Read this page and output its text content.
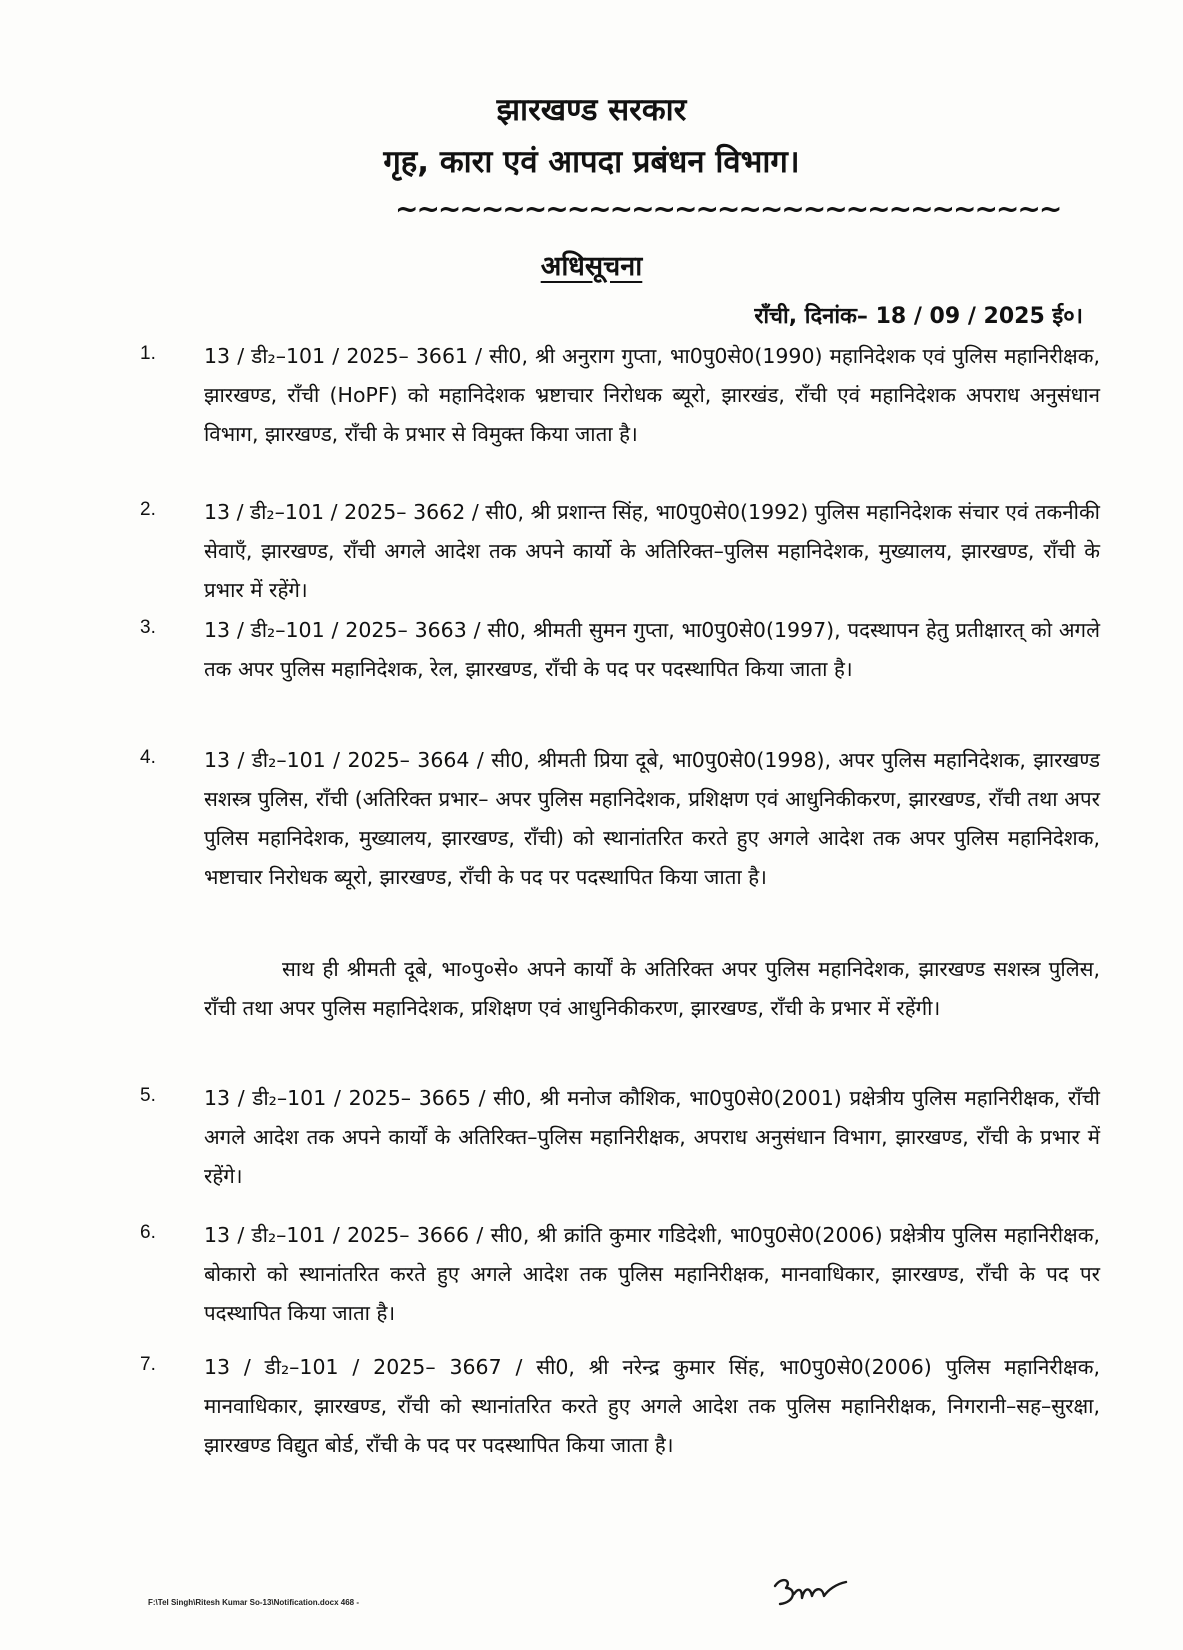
झारखण्ड सरकार
गृह, कारा एवं आपदा प्रबंधन विभाग।
~~~~~~~~~~~~~~~~~~~~~~~~~~~~~~~
अधिसूचना
राँची, दिनांक– 18 / 09 / 2025 ई०।
1. 13 / डी₂–101 / 2025– 3661 / सी0, श्री अनुराग गुप्ता, भा0पु0से0(1990) महानिदेशक एवं पुलिस महानिरीक्षक, झारखण्ड, राँची (HoPF) को महानिदेशक भ्रष्टाचार निरोधक ब्यूरो, झारखंड, राँची एवं महानिदेशक अपराध अनुसंधान विभाग, झारखण्ड, राँची के प्रभार से विमुक्त किया जाता है।
2. 13 / डी₂–101 / 2025– 3662 / सी0, श्री प्रशान्त सिंह, भा0पु0से0(1992) पुलिस महानिदेशक संचार एवं तकनीकी सेवाएँ, झारखण्ड, राँची अगले आदेश तक अपने कार्यो के अतिरिक्त–पुलिस महानिदेशक, मुख्यालय, झारखण्ड, राँची के प्रभार में रहेंगे।
3. 13 / डी₂–101 / 2025– 3663 / सी0, श्रीमती सुमन गुप्ता, भा0पु0से0(1997), पदस्थापन हेतु प्रतीक्षारत् को अगले तक अपर पुलिस महानिदेशक, रेल, झारखण्ड, राँची के पद पर पदस्थापित किया जाता है।
4. 13 / डी₂–101 / 2025– 3664 / सी0, श्रीमती प्रिया दूबे, भा0पु0से0(1998), अपर पुलिस महानिदेशक, झारखण्ड सशस्त्र पुलिस, राँची (अतिरिक्त प्रभार– अपर पुलिस महानिदेशक, प्रशिक्षण एवं आधुनिकीकरण, झारखण्ड, राँची तथा अपर पुलिस महानिदेशक, मुख्यालय, झारखण्ड, राँची) को स्थानांतरित करते हुए अगले आदेश तक अपर पुलिस महानिदेशक, भष्टाचार निरोधक ब्यूरो, झारखण्ड, राँची के पद पर पदस्थापित किया जाता है।
साथ ही श्रीमती दूबे, भा०पु०से० अपने कार्यों के अतिरिक्त अपर पुलिस महानिदेशक, झारखण्ड सशस्त्र पुलिस, राँची तथा अपर पुलिस महानिदेशक, प्रशिक्षण एवं आधुनिकीकरण, झारखण्ड, राँची के प्रभार में रहेंगी।
5. 13 / डी₂–101 / 2025– 3665 / सी0, श्री मनोज कौशिक, भा0पु0से0(2001) प्रक्षेत्रीय पुलिस महानिरीक्षक, राँची अगले आदेश तक अपने कार्यों के अतिरिक्त–पुलिस महानिरीक्षक, अपराध अनुसंधान विभाग, झारखण्ड, राँची के प्रभार में रहेंगे।
6. 13 / डी₂–101 / 2025– 3666 / सी0, श्री क्रांति कुमार गडिदेशी, भा0पु0से0(2006) प्रक्षेत्रीय पुलिस महानिरीक्षक, बोकारो को स्थानांतरित करते हुए अगले आदेश तक पुलिस महानिरीक्षक, मानवाधिकार, झारखण्ड, राँची के पद पर पदस्थापित किया जाता है।
7. 13 / डी₂–101 / 2025– 3667 / सी0, श्री नरेन्द्र कुमार सिंह, भा0पु0से0(2006) पुलिस महानिरीक्षक, मानवाधिकार, झारखण्ड, राँची को स्थानांतरित करते हुए अगले आदेश तक पुलिस महानिरीक्षक, निगरानी–सह–सुरक्षा, झारखण्ड विद्युत बोर्ड, राँची के पद पर पदस्थापित किया जाता है।
F:\Tel Singh\Ritesh Kumar So-13\Notification.docx 468 -
